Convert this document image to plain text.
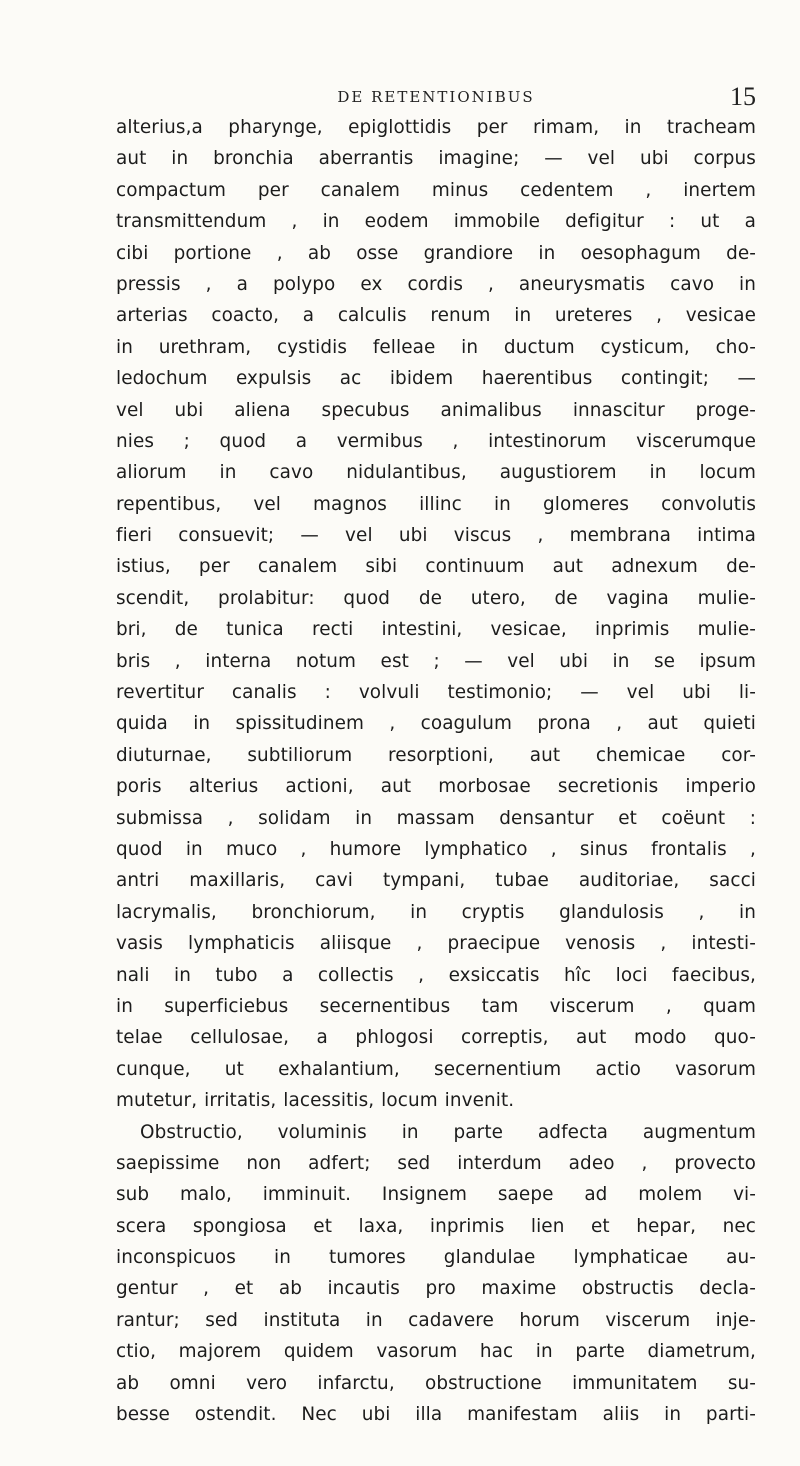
DE RETENTIONIBUS	15
alterius,a pharynge, epiglottidis per rimam, in tracheam
aut in bronchia aberrantis imagine; — vel ubi corpus
compactum per canalem minus cedentem , inertem
transmittendum , in eodem immobile defigitur : ut a
cibi portione , ab osse grandiore in oesophagum de-
pressis , a polypo ex cordis , aneurysmatis cavo in
arterias coacto, a calculis renum in ureteres , vesicae
in urethram, cystidis felleae in ductum cysticum, cho-
ledochum expulsis ac ibidem haerentibus contingit; —
vel ubi aliena specubus animalibus innascitur proge-
nies ; quod a vermibus , intestinorum viscerumque
aliorum in cavo nidulantibus, augustiorem in locum
repentibus, vel magnos illinc in glomeres convolutis
fieri consuevit; — vel ubi viscus , membrana intima
istius, per canalem sibi continuum aut adnexum de-
scendit, prolabitur: quod de utero, de vagina mulie-
bri, de tunica recti intestini, vesicae, inprimis mulie-
bris , interna notum est ; — vel ubi in se ipsum
revertitur canalis : volvuli testimonio; — vel ubi li-
quida in spissitudinem , coagulum prona , aut quieti
diuturnae, subtiliorum resorptioni, aut chemicae cor-
poris alterius actioni, aut morbosae secretionis imperio
submissa , solidam in massam densantur et coëunt :
quod in muco , humore lymphatico , sinus frontalis ,
antri maxillaris, cavi tympani, tubae auditoriae, sacci
lacrymalis, bronchiorum, in cryptis glandulosis , in
vasis lymphaticis aliisque , praecipue venosis , intesti-
nali in tubo a collectis , exsiccatis hîc loci faecibus,
in superficiebus secernentibus tam viscerum , quam
telae cellulosae, a phlogosi correptis, aut modo quo-
cunque, ut exhalantium, secernentium actio vasorum
mutetur, irritatis, lacessitis, locum invenit.
Obstructio, voluminis in parte adfecta augmentum
saepissime non adfert; sed interdum adeo , provecto
sub malo, imminuit. Insignem saepe ad molem vi-
scera spongiosa et laxa, inprimis lien et hepar, nec
inconspicuos in tumores glandulae lymphaticae au-
gentur , et ab incautis pro maxime obstructis decla-
rantur; sed instituta in cadavere horum viscerum inje-
ctio, majorem quidem vasorum hac in parte diametrum,
ab omni vero infarctu, obstructione immunitatem su-
besse ostendit. Nec ubi illa manifestam aliis in parti-
